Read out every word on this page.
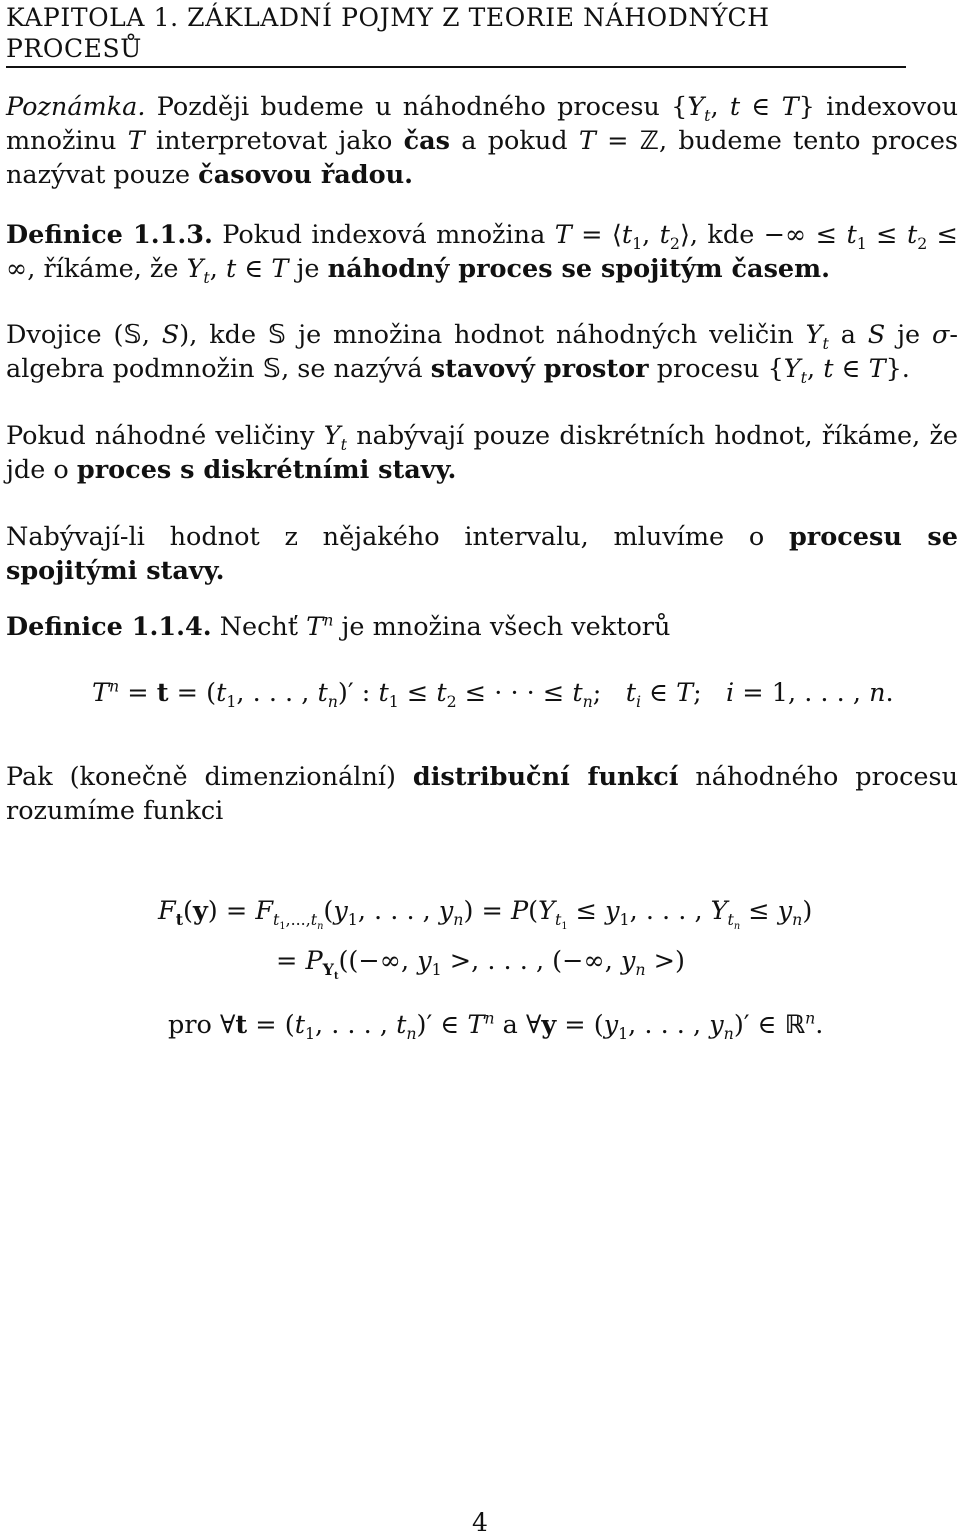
KAPITOLA 1. ZÁKLADNÍ POJMY Z TEORIE NÁHODNÝCH PROCESŮ
Poznámka. Později budeme u náhodného procesu {$Y_t$, t ∈ T} indexovou množinu T interpretovat jako čas a pokud T = ℤ, budeme tento proces nazývat pouze časovou řadou.
Definice 1.1.3. Pokud indexová množina $T = ⟨t_1$, $t_2⟩$, kde −∞ ≤ $t_1 \le t_2$ ≤ ∞, říkáme, že $Y_t$, t ∈ T je náhodný proces se spojitým časem.
Dvojice (𝕊, S), kde 𝕊 je množina hodnot náhodných veličin $Y_t$ a S je σ-algebra podmnožin 𝕊, se nazývá stavový prostor procesu {$Y_t$, t ∈ T}.
Pokud náhodné veličiny $Y_t$ nabývají pouze diskrétních hodnot, říkáme, že jde o proces s diskrétními stavy.
Nabývají-li hodnot z nějakého intervalu, mluvíme o procesu se spojitými stavy.
Definice 1.1.4. Nechť $T^n$ je množina všech vektorů
$T^n = t = (t_1$, . . . , $t_n)'$ : $t_1 \le t_2$ ≤ · · · ≤ $t_n$;   $t_i$ ∈ T;   i = 1, . . . , n.
Pak (konečně dimenzionální) distribuční funkcí náhodného procesu rozumíme funkci
$F_t(y) = F_{t_1,...,t_n}(y_1$, . . . , $y_n) = P(Y_{t_1} \le y_1$, . . . , $Y_{t_n} \le y_n$)
= $P_{Y_t}((-\infty$, $y_1$ >, . . . , (−∞, $y_n$ >)
pro ∀t = ($t_1$, . . . , $t_n)'$ ∈ $T^n$ a ∀y = ($y_1$, . . . , $y_n)'$ ∈ ℝ$^n$.
4
